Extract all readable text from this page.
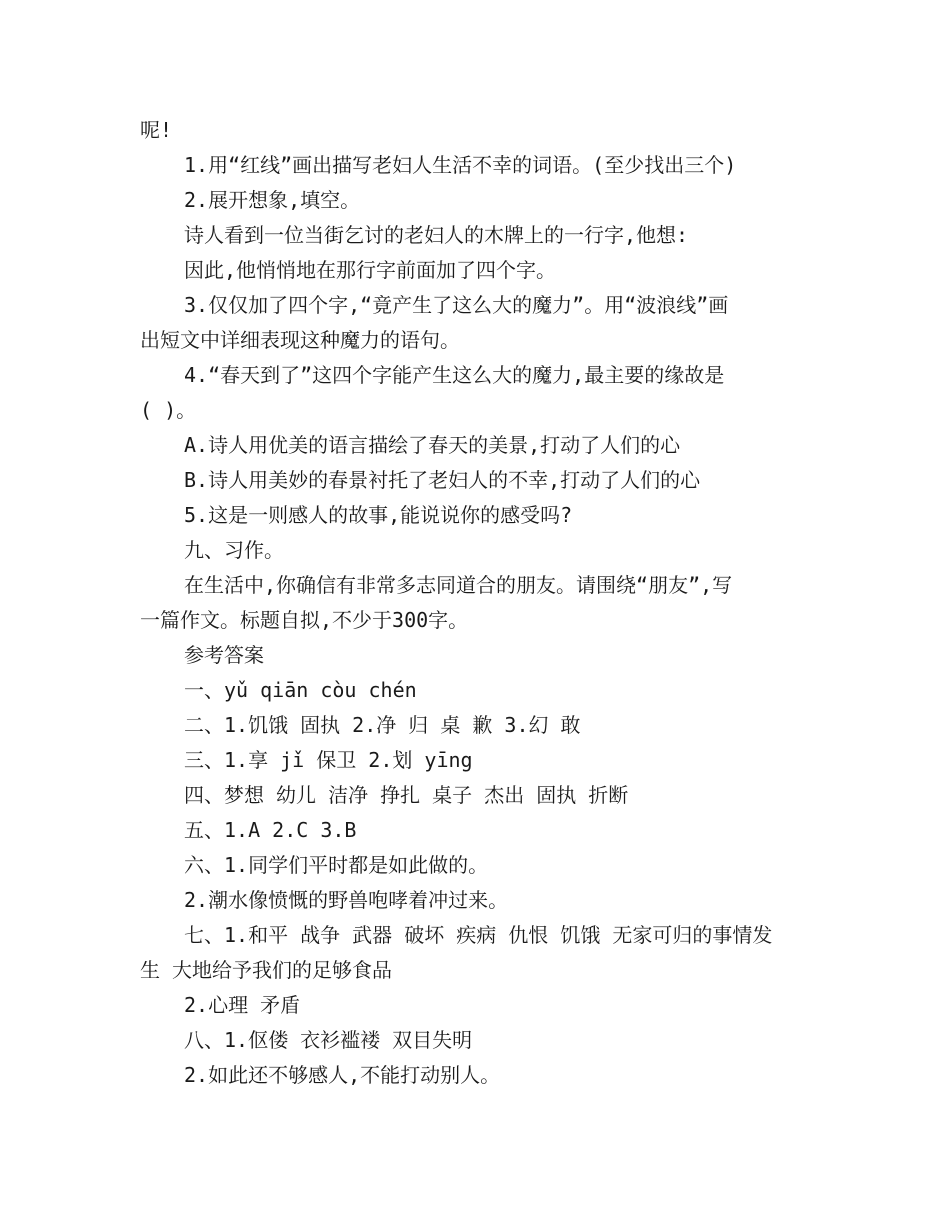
呢!
1.用“红线”画出描写老妇人生活不幸的词语。(至少找出三个)
2.展开想象,填空。
诗人看到一位当街乞讨的老妇人的木牌上的一行字,他想:
因此,他悄悄地在那行字前面加了四个字。
3.仅仅加了四个字,“竟产生了这么大的魔力”。用“波浪线”画
出短文中详细表现这种魔力的语句。
4.“春天到了”这四个字能产生这么大的魔力,最主要的缘故是
( )。
A.诗人用优美的语言描绘了春天的美景,打动了人们的心
B.诗人用美妙的春景衬托了老妇人的不幸,打动了人们的心
5.这是一则感人的故事,能说说你的感受吗?
九、习作。
在生活中,你确信有非常多志同道合的朋友。请围绕“朋友”,写
一篇作文。标题自拟,不少于300字。
参考答案
一、yǔ qiān còu chén
二、1.饥饿 固执 2.净 归 桌 歉 3.幻 敢
三、1.享 jǐ 保卫 2.划 yīng
四、梦想 幼儿 洁净 挣扎 桌子 杰出 固执 折断
五、1.A 2.C 3.B
六、1.同学们平时都是如此做的。
2.潮水像愤慨的野兽咆哮着冲过来。
七、1.和平 战争 武器 破坏 疾病 仇恨 饥饿 无家可归的事情发
生 大地给予我们的足够食品
2.心理 矛盾
八、1.伛偻 衣衫褴褛 双目失明
2.如此还不够感人,不能打动别人。
